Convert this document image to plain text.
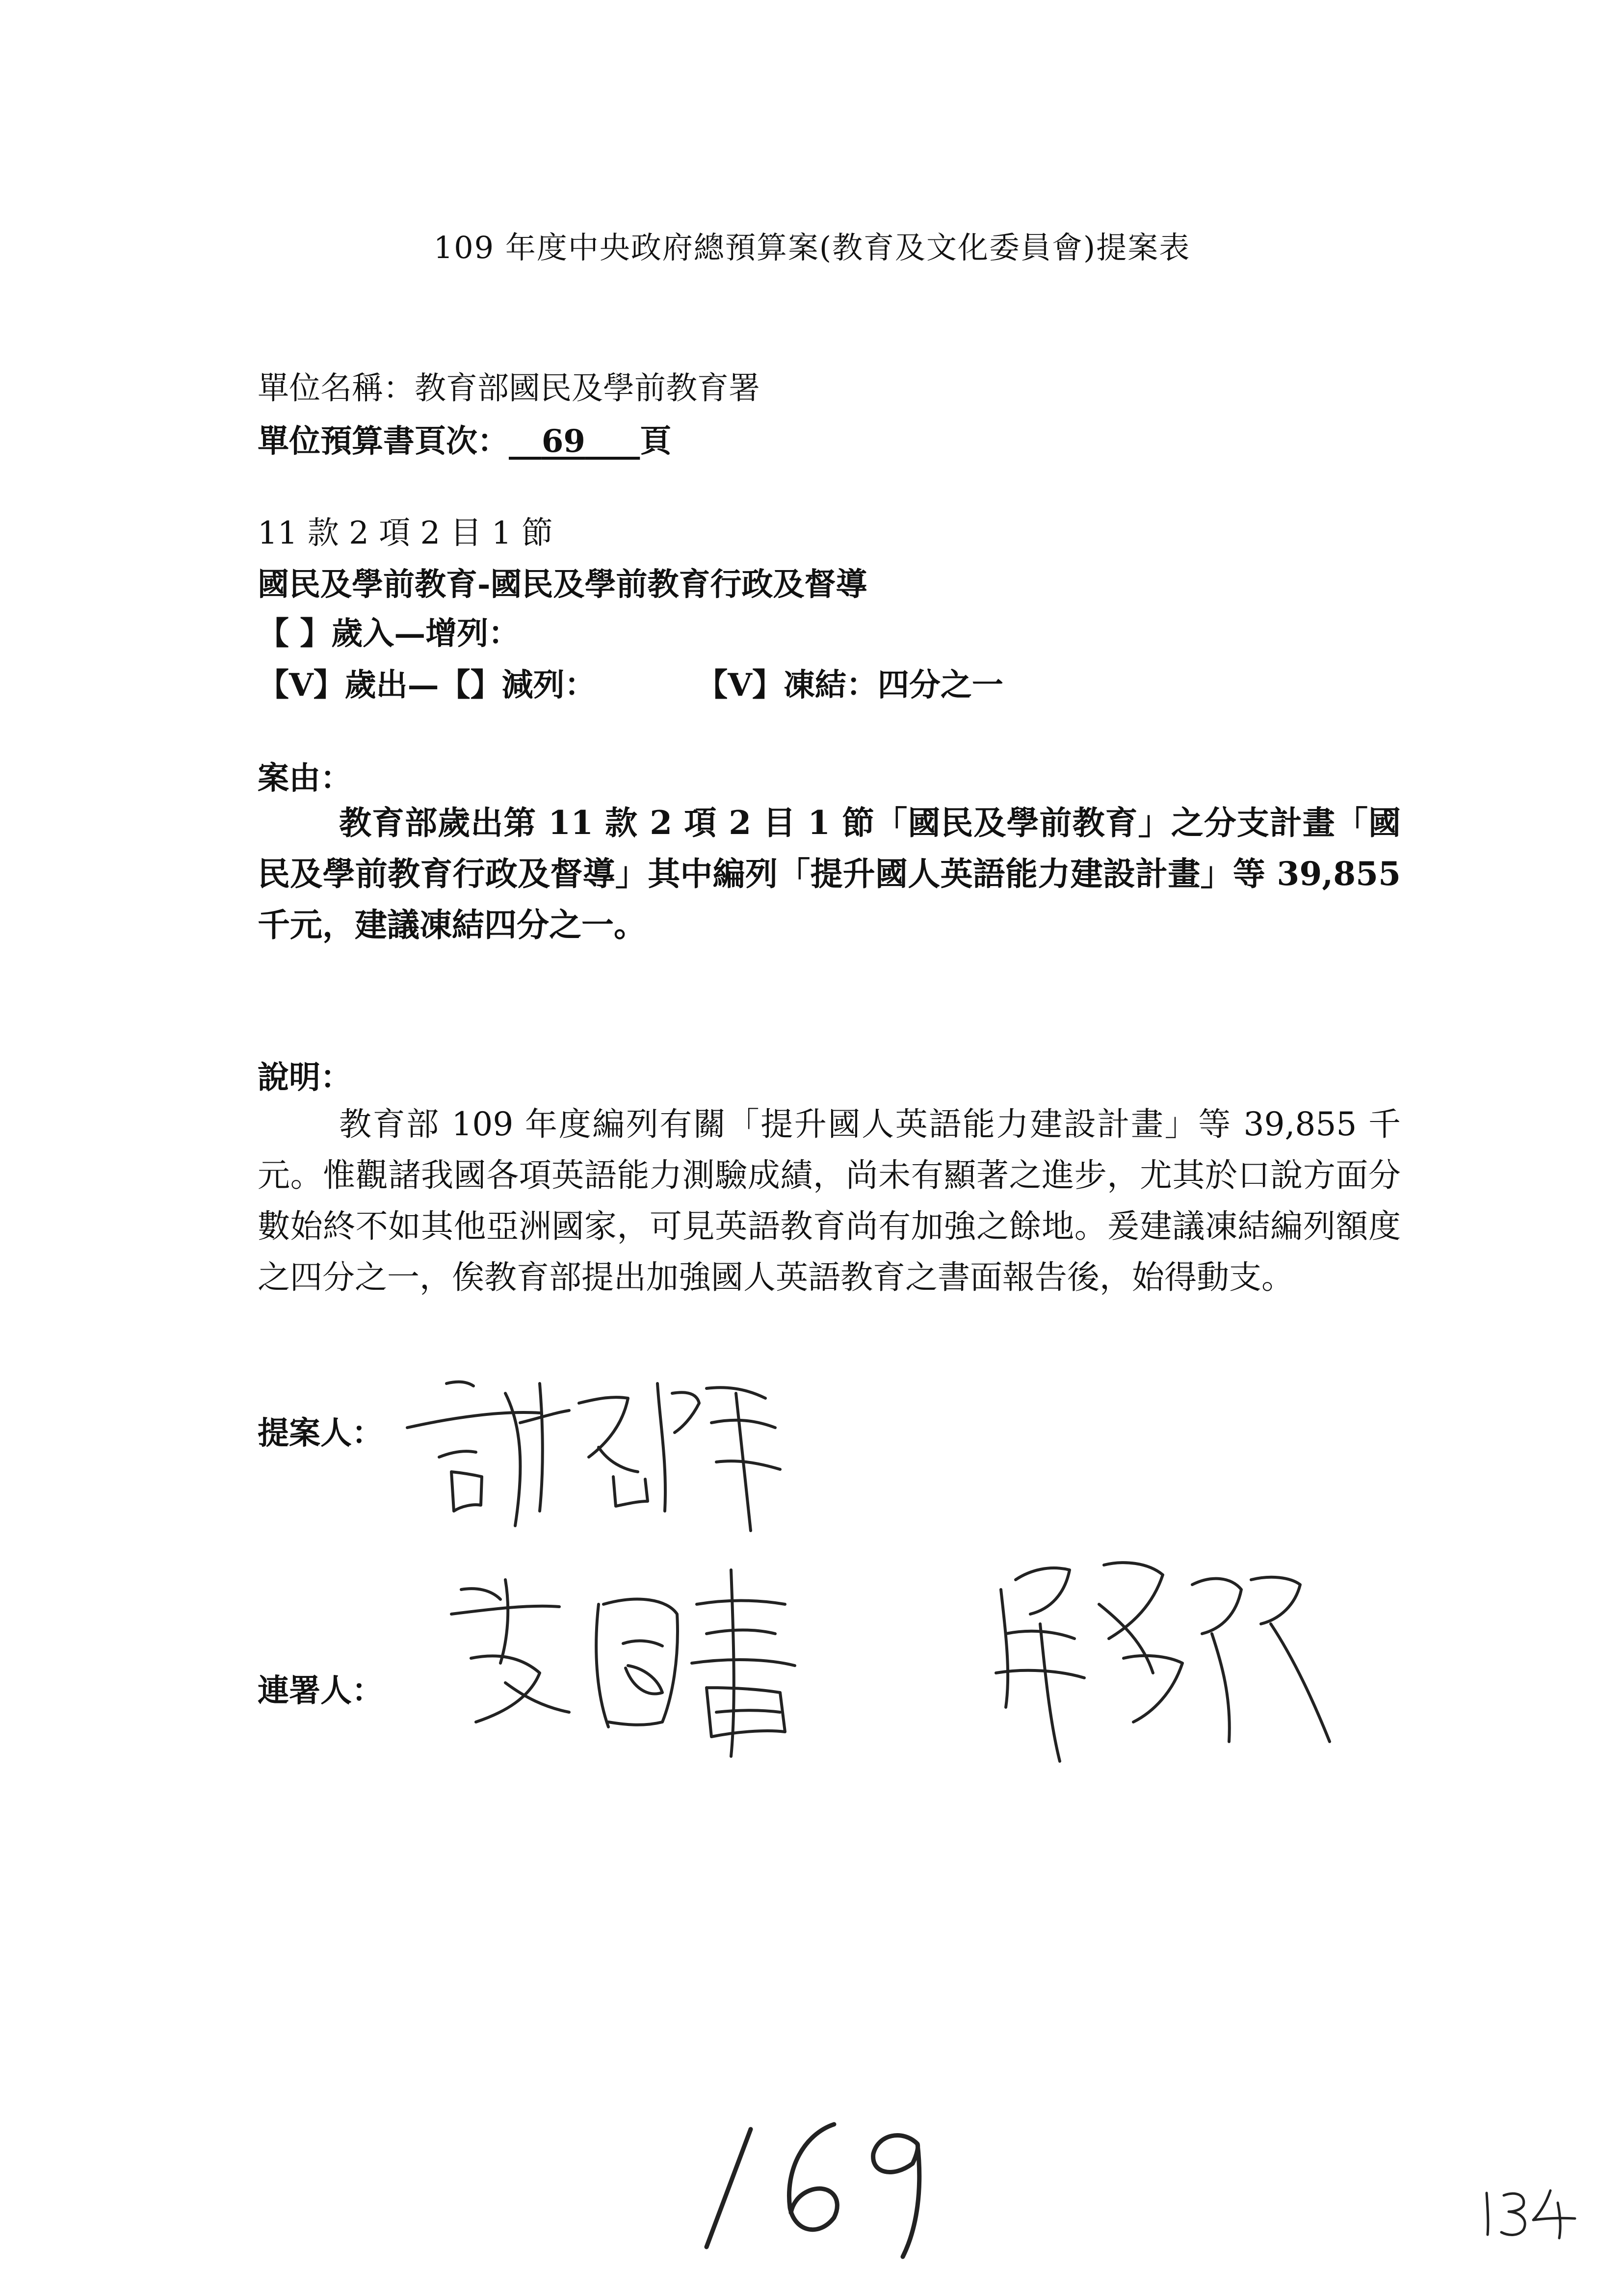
109 年度中央政府總預算案(教育及文化委員會)提案表
單位名稱：教育部國民及學前教育署
單位預算書頁次： 69 頁
11 款 2 項 2 目 1 節
國民及學前教育-國民及學前教育行政及督導
【 】歲入—增列：
【V】歲出—【】減列：	【V】凍結：四分之一
案由：
教育部歲出第 11 款 2 項 2 目 1 節「國民及學前教育」之分支計畫「國民及學前教育行政及督導」其中編列「提升國人英語能力建設計畫」等 39,855 千元，建議凍結四分之一。
說明：
教育部 109 年度編列有關「提升國人英語能力建設計畫」等 39,855 千元。惟觀諸我國各項英語能力測驗成績，尚未有顯著之進步，尤其於口說方面分數始終不如其他亞洲國家，可見英語教育尚有加強之餘地。爰建議凍結編列額度之四分之一，俟教育部提出加強國人英語教育之書面報告後，始得動支。
提案人：
連署人：
